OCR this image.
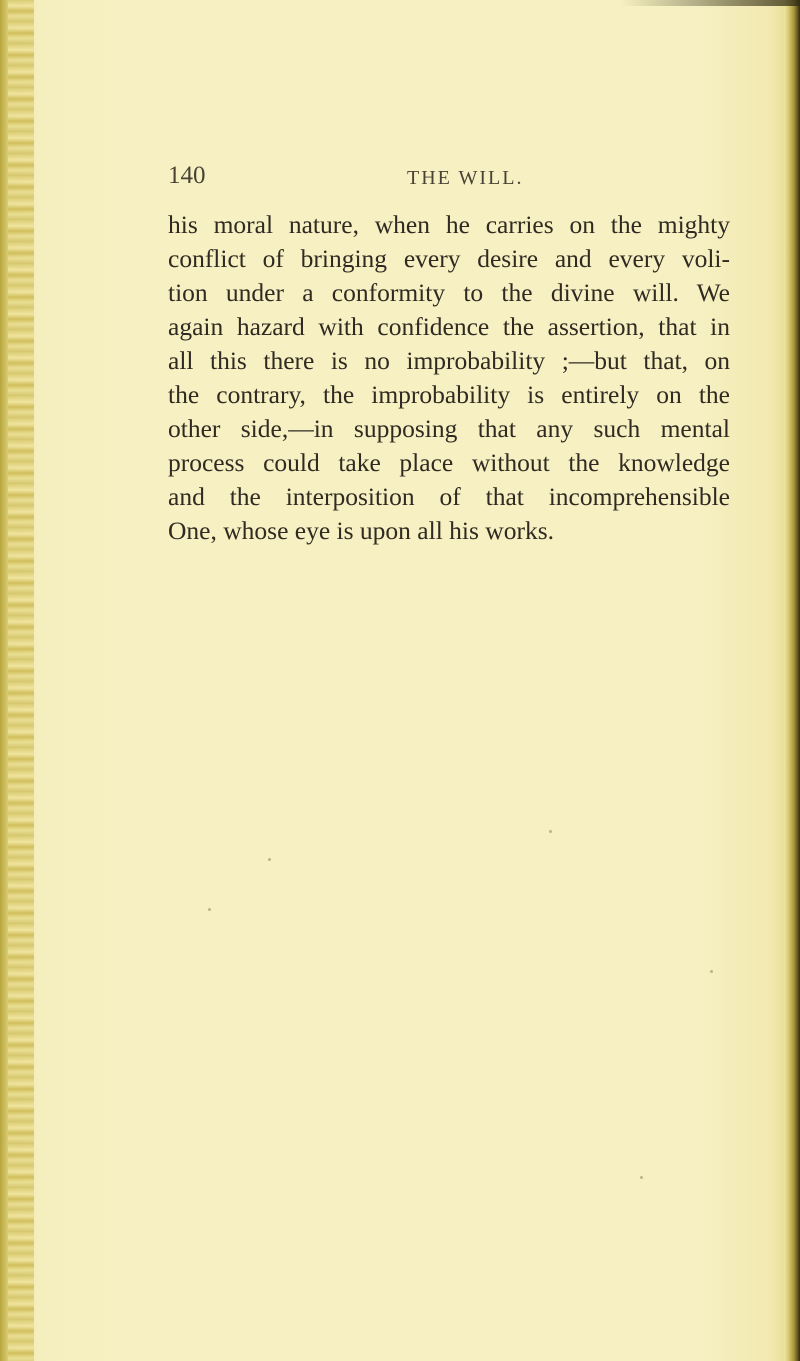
140	THE WILL.
his moral nature, when he carries on the mighty
conflict of bringing every desire and every voli-
tion under a conformity to the divine will. We
again hazard with confidence the assertion, that in
all this there is no improbability ;—but that, on
the contrary, the improbability is entirely on the
other side,—in supposing that any such mental
process could take place without the knowledge
and the interposition of that incomprehensible
One, whose eye is upon all his works.
